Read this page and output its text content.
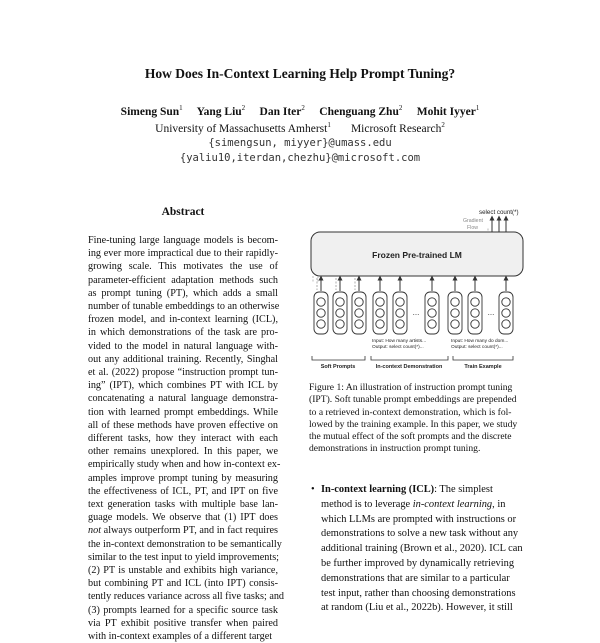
How Does In-Context Learning Help Prompt Tuning?
Simeng Sun$^1$ Yang Liu$^2$ Dan Iter$^2$ Chenguang Zhu$^2$ Mohit Iyyer$^1$
University of Massachusetts Amherst$^1$ Microsoft Research$^2$
{simengsun, miyyer}@umass.edu
{yaliu10,iterdan,chezhu}@microsoft.com
Abstract
Fine-tuning large language models is becom-
ing ever more impractical due to their rapidly-
growing scale. This motivates the use of
parameter-efficient adaptation methods such
as prompt tuning (PT), which adds a small
number of tunable embeddings to an otherwise
frozen model, and in-context learning (ICL),
in which demonstrations of the task are pro-
vided to the model in natural language with-
out any additional training. Recently, Singhal
et al. (2022) propose “instruction prompt tun-
ing” (IPT), which combines PT with ICL by
concatenating a natural language demonstra-
tion with learned prompt embeddings. While
all of these methods have proven effective on
different tasks, how they interact with each
other remains unexplored. In this paper, we
empirically study when and how in-context ex-
amples improve prompt tuning by measuring
the effectiveness of ICL, PT, and IPT on five
text generation tasks with multiple base lan-
guage models. We observe that (1) IPT does
not always outperform PT, and in fact requires
the in-context demonstration to be semantically
similar to the test input to yield improvements;
(2) PT is unstable and exhibits high variance,
but combining PT and ICL (into IPT) consis-
tently reduces variance across all five tasks; and
(3) prompts learned for a specific source task
via PT exhibit positive transfer when paired
with in-context examples of a different target
select count(*)
Gradient
Flow
Frozen Pre-trained LM
...	...
Input: How many artists...
Output: select count(*)...
Input: How many do dom...
Output: select count(*)...
Soft Prompts	In-context Demonstration	Train Example
Figure 1: An illustration of instruction prompt tuning
(IPT). Soft tunable prompt embeddings are prepended
to a retrieved in-context demonstration, which is fol-
lowed by the training example. In this paper, we study
the mutual effect of the soft prompts and the discrete
demonstrations in instruction prompt tuning.
• In-context learning (ICL): The simplest
method is to leverage in-context learning, in
which LLMs are prompted with instructions or
demonstrations to solve a new task without any
additional training (Brown et al., 2020). ICL can
be further improved by dynamically retrieving
demonstrations that are similar to a particular
test input, rather than choosing demonstrations
at random (Liu et al., 2022b). However, it still
